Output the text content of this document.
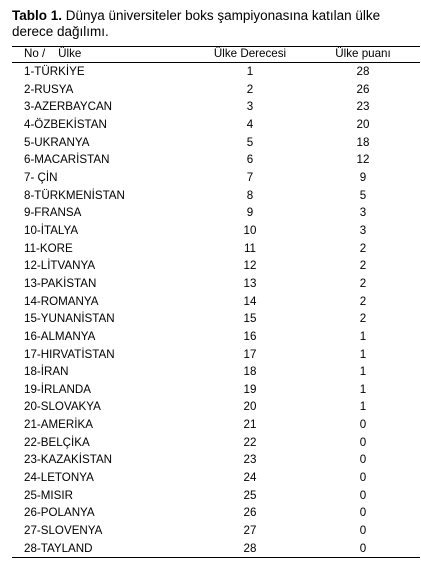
Tablo 1. Dünya üniversiteler boks şampiyonasına katılan ülke derece dağılımı.
No /    Ülke	Ülke Derecesi	Ülke puanı
1-TÜRKİYE	1	28
2-RUSYA	2	26
3-AZERBAYCAN	3	23
4-ÖZBEKİSTAN	4	20
5-UKRANYA	5	18
6-MACARİSTAN	6	12
7- ÇİN	7	9
8-TÜRKMENİSTAN	8	5
9-FRANSA	9	3
10-İTALYA	10	3
11-KORE	11	2
12-LİTVANYA	12	2
13-PAKİSTAN	13	2
14-ROMANYA	14	2
15-YUNANİSTAN	15	2
16-ALMANYA	16	1
17-HIRVATİSTAN	17	1
18-İRAN	18	1
19-İRLANDA	19	1
20-SLOVAKYA	20	1
21-AMERİKA	21	0
22-BELÇİKA	22	0
23-KAZAKİSTAN	23	0
24-LETONYA	24	0
25-MISIR	25	0
26-POLANYA	26	0
27-SLOVENYA	27	0
28-TAYLAND	28	0
